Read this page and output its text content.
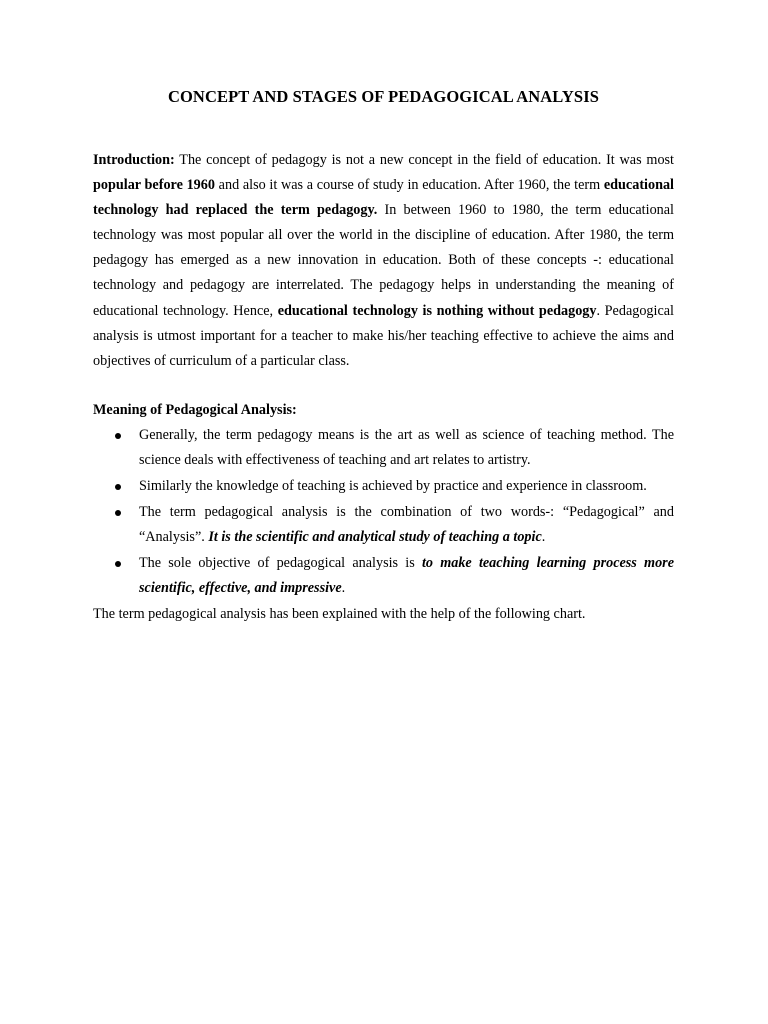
CONCEPT AND STAGES OF PEDAGOGICAL ANALYSIS

Introduction: The concept of pedagogy is not a new concept in the field of education. It was most popular before 1960 and also it was a course of study in education. After 1960, the term educational technology had replaced the term pedagogy. In between 1960 to 1980, the term educational technology was most popular all over the world in the discipline of education. After 1980, the term pedagogy has emerged as a new innovation in education. Both of these concepts -: educational technology and pedagogy are interrelated. The pedagogy helps in understanding the meaning of educational technology. Hence, educational technology is nothing without pedagogy. Pedagogical analysis is utmost important for a teacher to make his/her teaching effective to achieve the aims and objectives of curriculum of a particular class.

Meaning of Pedagogical Analysis:
Generally, the term pedagogy means is the art as well as science of teaching method. The science deals with effectiveness of teaching and art relates to artistry.
Similarly the knowledge of teaching is achieved by practice and experience in classroom.
The term pedagogical analysis is the combination of two words-: “Pedagogical” and “Analysis”. It is the scientific and analytical study of teaching a topic.
The sole objective of pedagogical analysis is to make teaching learning process more scientific, effective, and impressive.

The term pedagogical analysis has been explained with the help of the following chart.
